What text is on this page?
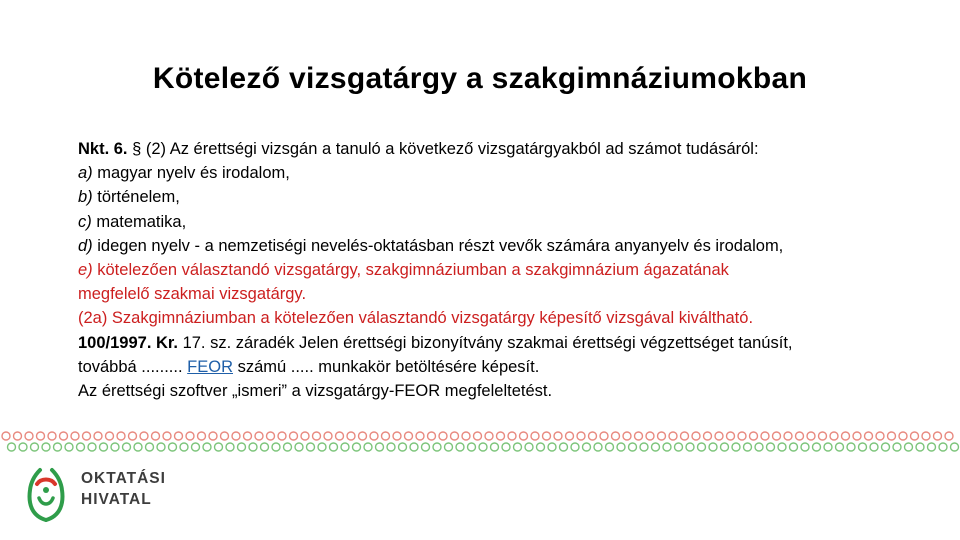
Kötelező vizsgatárgy a szakgimnáziumokban
Nkt. 6. § (2) Az érettségi vizsgán a tanuló a következő vizsgatárgyakból ad számot tudásáról:
a) magyar nyelv és irodalom,
b) történelem,
c) matematika,
d) idegen nyelv - a nemzetiségi nevelés-oktatásban részt vevők számára anyanyelv és irodalom,
e) kötelezően választandó vizsgatárgy, szakgimnáziumban a szakgimnázium ágazatának
megfelelő szakmai vizsgatárgy.
(2a) Szakgimnáziumban a kötelezően választandó vizsgatárgy képesítő vizsgával kiváltható.
100/1997. Kr. 17. sz. záradék Jelen érettségi bizonyítvány szakmai érettségi végzettséget tanúsít,
továbbá ......... FEOR számú ..... munkakör betöltésére képesít.
Az érettségi szoftver „ismeri” a vizsgatárgy-FEOR megfeleltetést.
OKTATÁSI
HIVATAL
